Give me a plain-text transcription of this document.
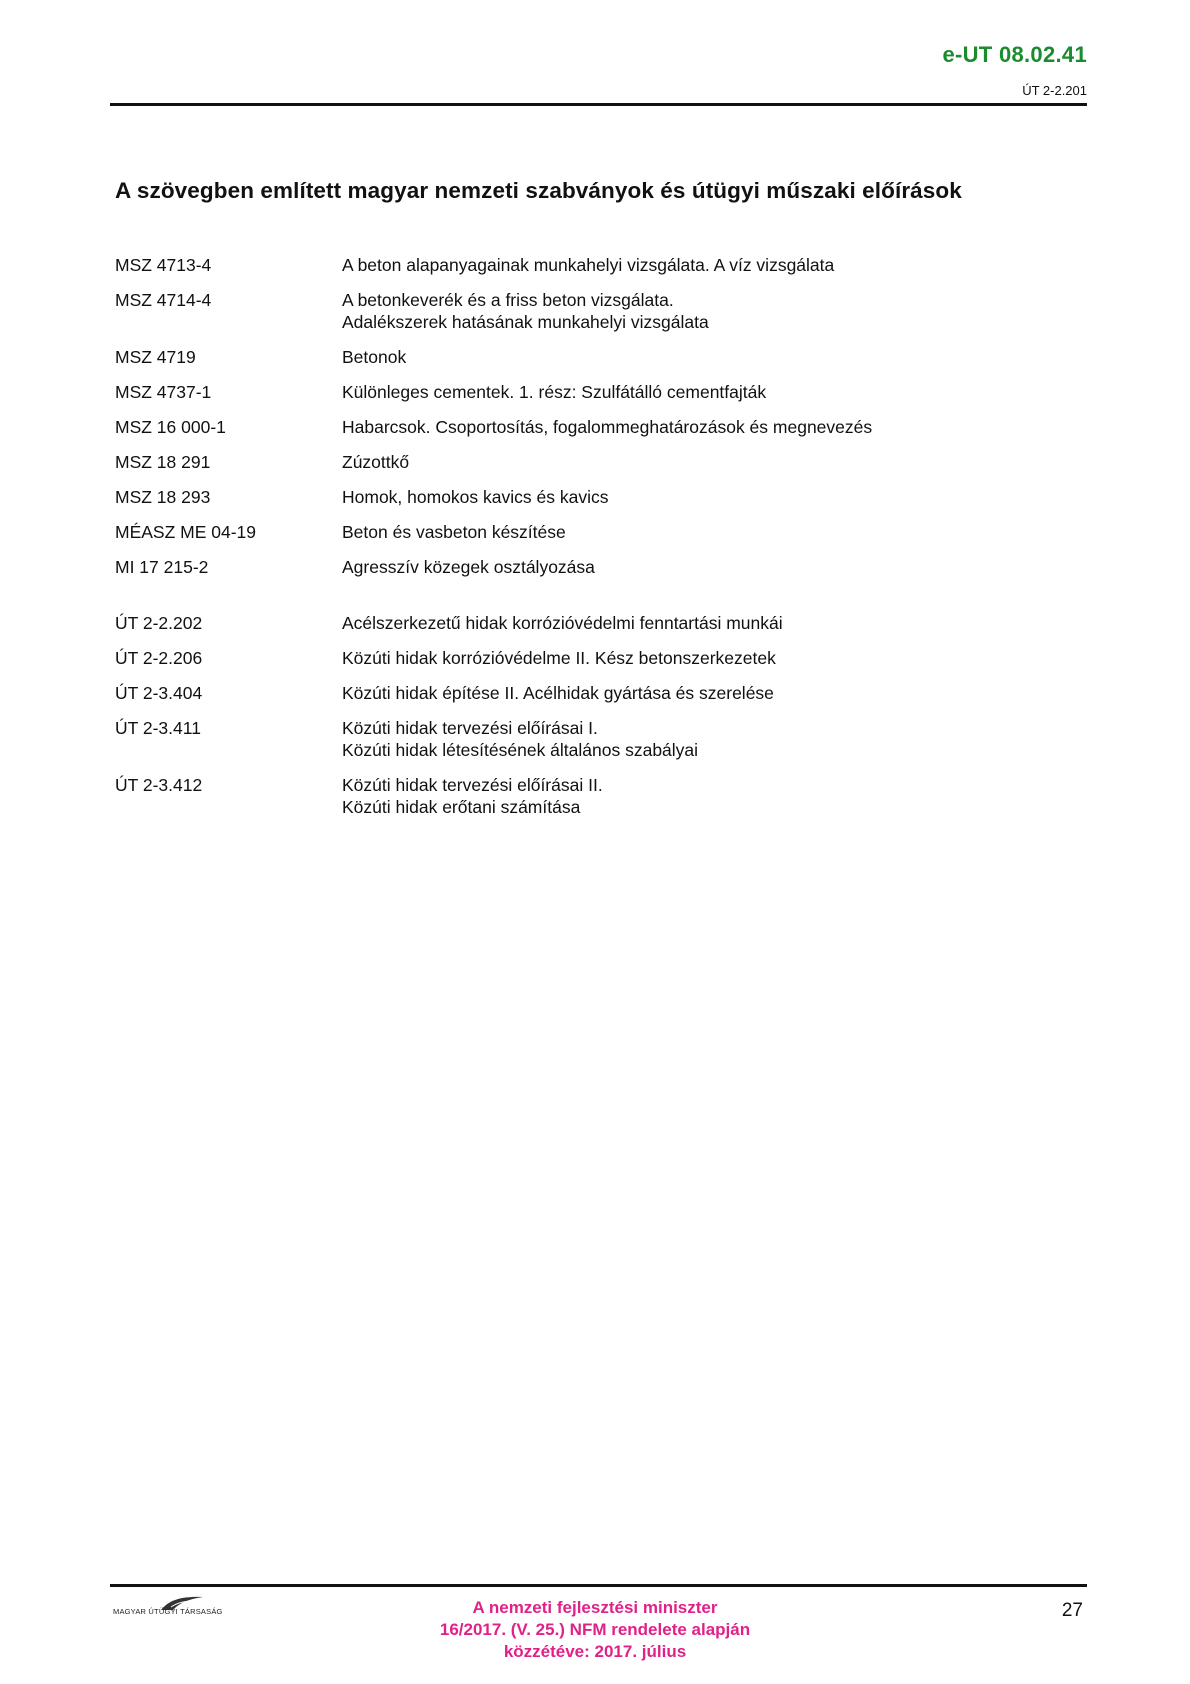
e-UT 08.02.41
ÚT 2-2.201
A szövegben említett magyar nemzeti szabványok és útügyi műszaki előírások
MSZ 4713-4	A beton alapanyagainak munkahelyi vizsgálata. A víz vizsgálata
MSZ 4714-4	A betonkeverék és a friss beton vizsgálata.
Adalékszerek hatásának munkahelyi vizsgálata
MSZ 4719	Betonok
MSZ 4737-1	Különleges cementek. 1. rész: Szulfátálló cementfajták
MSZ 16 000-1	Habarcsok. Csoportosítás, fogalommeghatározások és megnevezés
MSZ 18 291	Zúzottkő
MSZ 18 293	Homok, homokos kavics és kavics
MÉASZ ME 04-19	Beton és vasbeton készítése
MI 17 215-2	Agresszív közegek osztályozása
ÚT 2-2.202	Acélszerkezetű hidak korrózióvédelmi fenntartási munkái
ÚT 2-2.206	Közúti hidak korrózióvédelme II. Kész betonszerkezetek
ÚT 2-3.404	Közúti hidak építése II. Acélhidak gyártása és szerelése
ÚT 2-3.411	Közúti hidak tervezési előírásai I.
Közúti hidak létesítésének általános szabályai
ÚT 2-3.412	Közúti hidak tervezési előírásai II.
Közúti hidak erőtani számítása
MAGYAR ÚTÜGYI TÁRSASÁG	A nemzeti fejlesztési miniszter
16/2017. (V. 25.) NFM rendelete alapján
közzétéve: 2017. július
27
